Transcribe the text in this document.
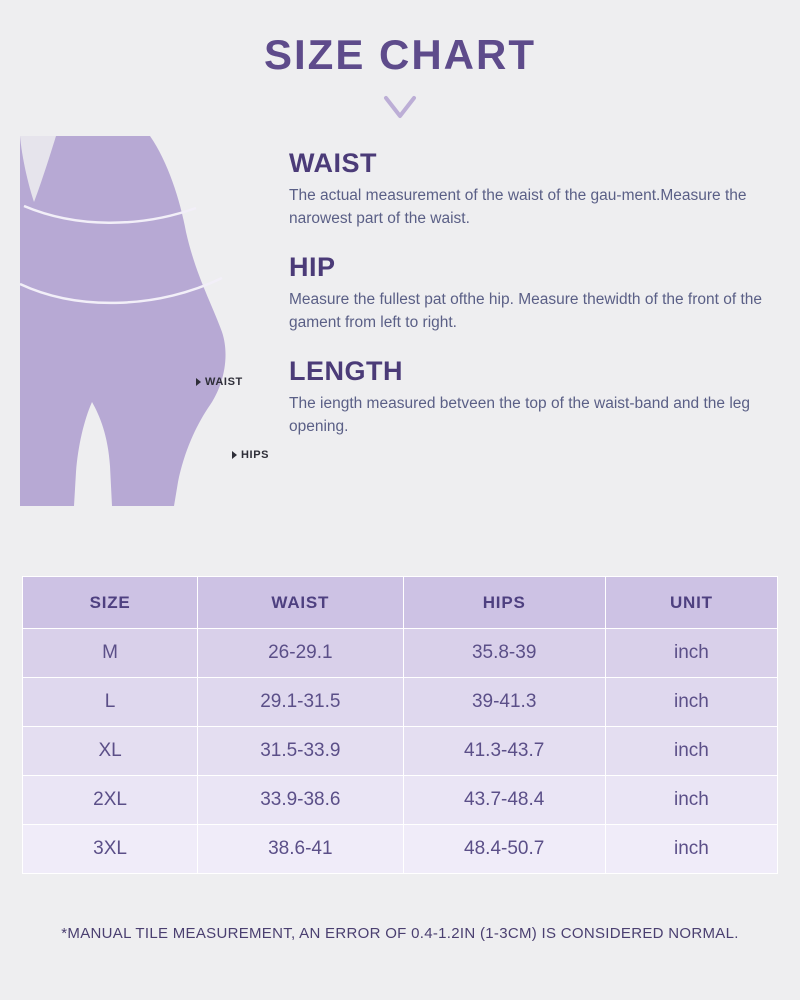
SIZE CHART
WAIST
HIPS

WAIST

The actual measurement of the waist of the gau-ment.Measure the narowest part of the waist.

HIP

Measure the fullest pat ofthe hip. Measure thewidth of the front of the gament from left to right.

LENGTH

The iength measured betveen the top of the waist-band and the leg opening.

SIZE	WAIST	HIPS	UNIT
M	26-29.1	35.8-39	inch
L	29.1-31.5	39-41.3	inch
XL	31.5-33.9	41.3-43.7	inch
2XL	33.9-38.6	43.7-48.4	inch
3XL	38.6-41	48.4-50.7	inch
*MANUAL TILE MEASUREMENT, AN ERROR OF 0.4-1.2IN (1-3CM) IS CONSIDERED NORMAL.
